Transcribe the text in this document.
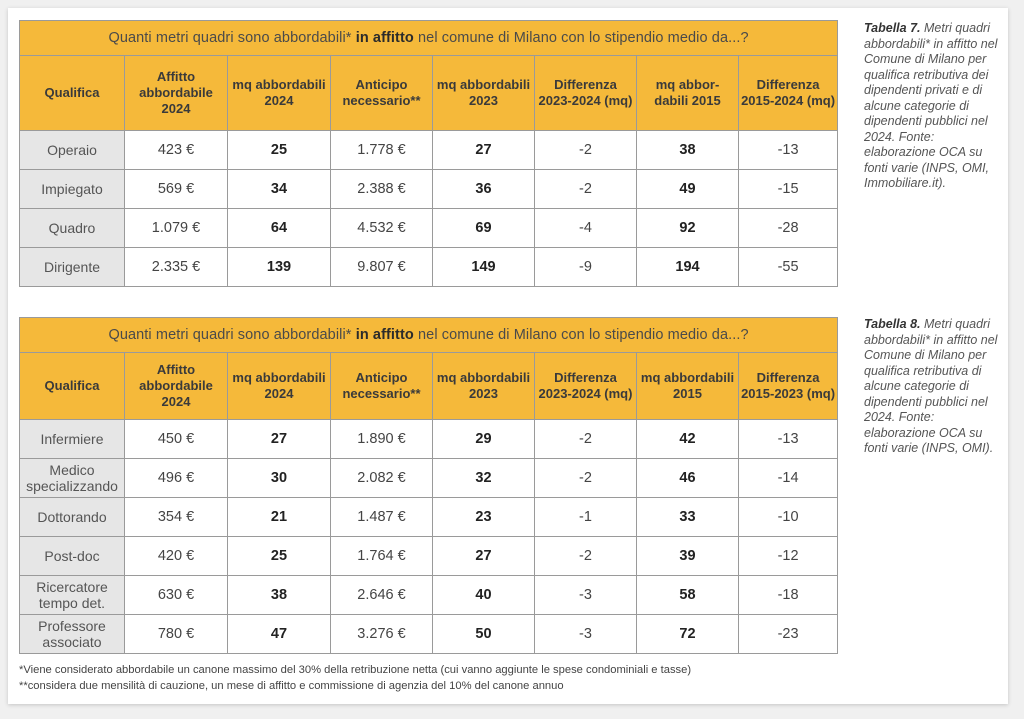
Quanti metri quadri sono abbordabili* in affitto nel comune di Milano con lo stipendio medio da...?							
Qualifica	Affitto abbordabile 2024	mq abbordabili 2024	Anticipo necessario**	mq abbordabili 2023	Differenza 2023-2024 (mq)	mq abbor-dabili 2015	Differenza 2015-2024 (mq)
Operaio	423 €	25	1.778 €	27	-2	38	-13
Impiegato	569 €	34	2.388 €	36	-2	49	-15
Quadro	1.079 €	64	4.532 €	69	-4	92	-28
Dirigente	2.335 €	139	9.807 €	149	-9	194	-55
Quanti metri quadri sono abbordabili* in affitto nel comune di Milano con lo stipendio medio da...?							
Qualifica	Affitto abbordabile 2024	mq abbordabili 2024	Anticipo necessario**	mq abbordabili 2023	Differenza 2023-2024 (mq)	mq abbordabili 2015	Differenza 2015-2023 (mq)
Infermiere	450 €	27	1.890 €	29	-2	42	-13
Medico specializzando	496 €	30	2.082 €	32	-2	46	-14
Dottorando	354 €	21	1.487 €	23	-1	33	-10
Post-doc	420 €	25	1.764 €	27	-2	39	-12
Ricercatore tempo det.	630 €	38	2.646 €	40	-3	58	-18
Professore associato	780 €	47	3.276 €	50	-3	72	-23
Tabella 7. Metri quadri abbordabili* in affitto nel Comune di Milano per qualifica retributiva dei dipendenti privati e di alcune categorie di dipendenti pubblici nel 2024. Fonte: elaborazione OCA su fonti varie (INPS, OMI, Immobiliare.it).
Tabella 8. Metri quadri abbordabili* in affitto nel Comune di Milano per qualifica retributiva di alcune categorie di dipendenti pubblici nel 2024. Fonte: elaborazione OCA su fonti varie (INPS, OMI).
*Viene considerato abbordabile un canone massimo del 30% della retribuzione netta (cui vanno aggiunte le spese condominiali e tasse)
**considera due mensilità di cauzione, un mese di affitto e commissione di agenzia del 10% del canone annuo
